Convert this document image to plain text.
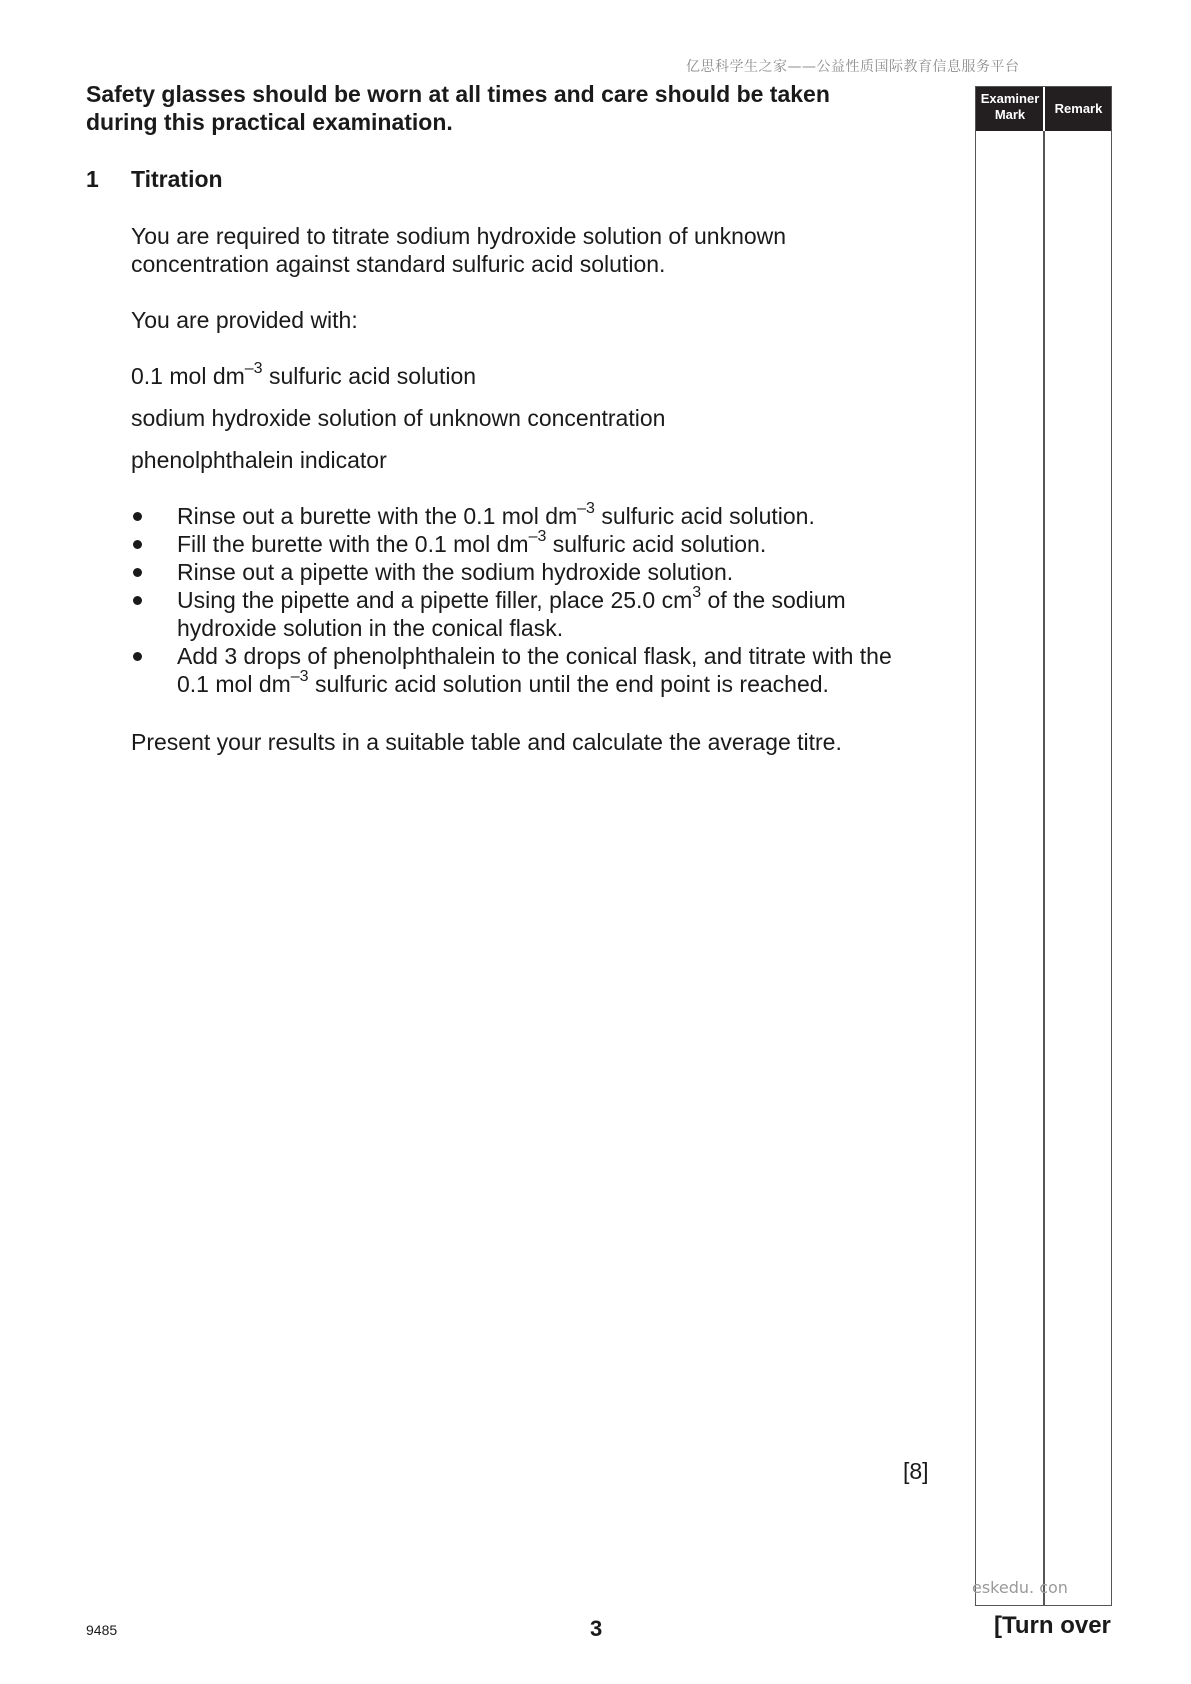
亿思科学生之家——公益性质国际教育信息服务平台
Safety glasses should be worn at all times and care should be taken
during this practical examination.
1 Titration
You are required to titrate sodium hydroxide solution of unknown
concentration against standard sulfuric acid solution.
You are provided with:
0.1 mol $dm^{-3}$ sulfuric acid solution
sodium hydroxide solution of unknown concentration
phenolphthalein indicator
Rinse out a burette with the 0.1 mol $dm^{-3}$ sulfuric acid solution.
Fill the burette with the 0.1 mol $dm^{-3}$ sulfuric acid solution.
Rinse out a pipette with the sodium hydroxide solution.
Using the pipette and a pipette filler, place 25.0 $cm^3$ of the sodium
hydroxide solution in the conical flask.
Add 3 drops of phenolphthalein to the conical flask, and titrate with the
0.1 mol $dm^{-3}$ sulfuric acid solution until the end point is reached.
Present your results in a suitable table and calculate the average titre.
[8]
Examiner
Mark	Remark
eskedu. con
9485	3	[Turn over
